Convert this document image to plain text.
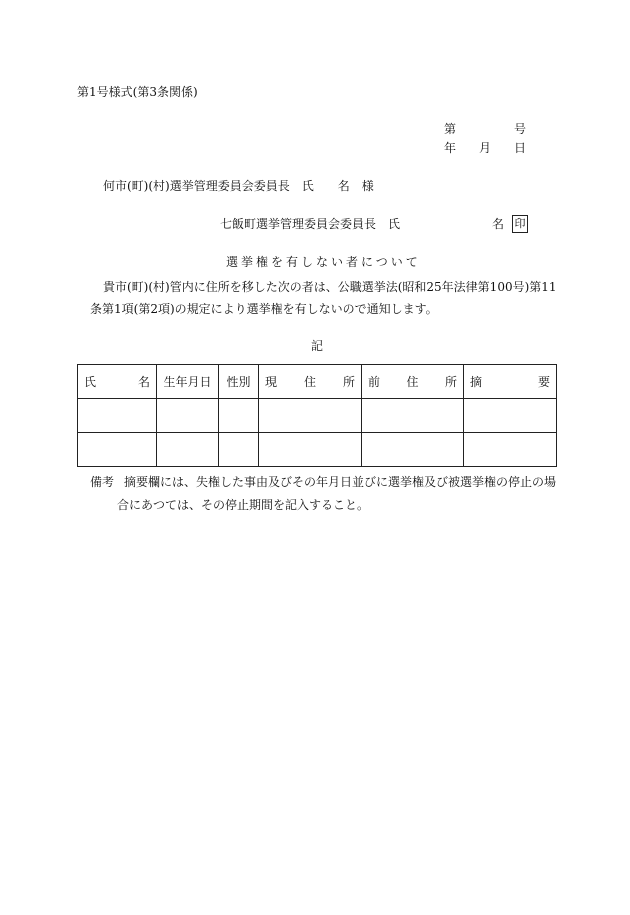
第1号様式(第3条関係)
第	号
年 月 日
何市(町)(村)選挙管理委員会委員長　氏　　名　様
七飯町選挙管理委員会委員長　氏	名 印
選挙権を有しない者について
貴市(町)(村)管内に住所を移した次の者は、公職選挙法(昭和25年法律第100号)第11
条第1項(第2項)の規定により選挙権を有しないので通知します。
記
氏 名	生年月日	性別	現 住 所	前 住 所	摘 要

備考 摘要欄には、失権した事由及びその年月日並びに選挙権及び被選挙権の停止の場
合にあつては、その停止期間を記入すること。
